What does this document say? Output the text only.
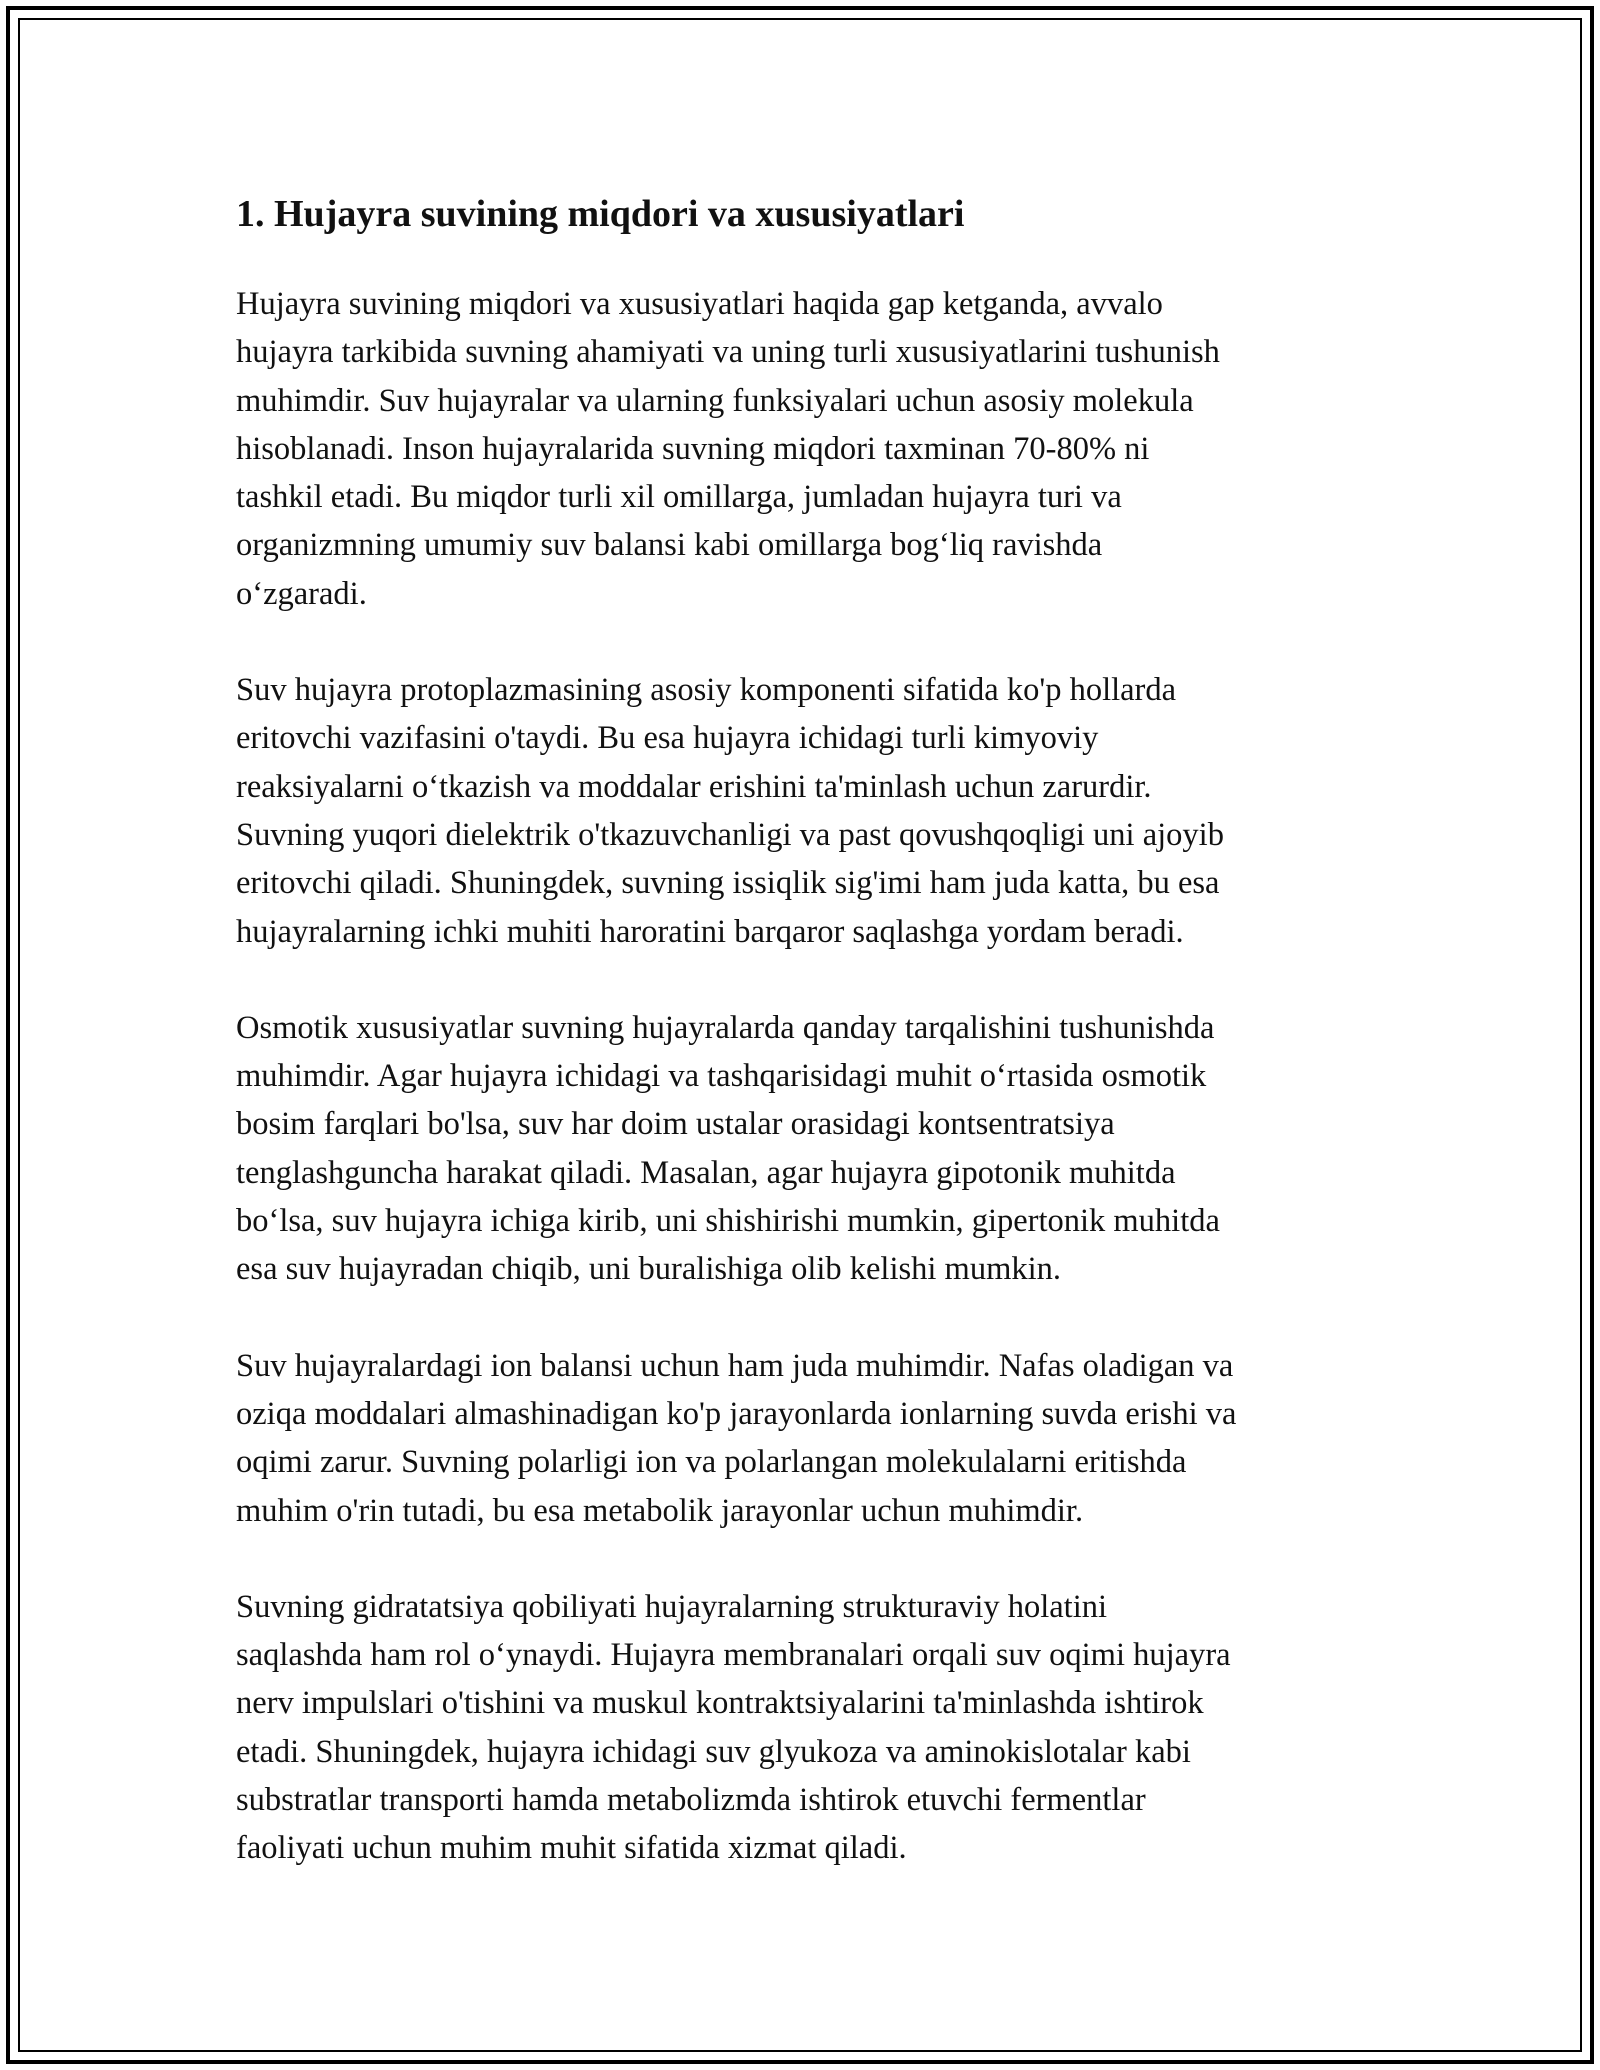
1. Hujayra suvining miqdori va xususiyatlari

Hujayra suvining miqdori va xususiyatlari haqida gap ketganda, avvalo
hujayra tarkibida suvning ahamiyati va uning turli xususiyatlarini tushunish
muhimdir. Suv hujayralar va ularning funksiyalari uchun asosiy molekula
hisoblanadi. Inson hujayralarida suvning miqdori taxminan 70-80% ni
tashkil etadi. Bu miqdor turli xil omillarga, jumladan hujayra turi va
organizmning umumiy suv balansi kabi omillarga bog‘liq ravishda
o‘zgaradi.

Suv hujayra protoplazmasining asosiy komponenti sifatida ko'p hollarda
eritovchi vazifasini o'taydi. Bu esa hujayra ichidagi turli kimyoviy
reaksiyalarni o‘tkazish va moddalar erishini ta'minlash uchun zarurdir.
Suvning yuqori dielektrik o'tkazuvchanligi va past qovushqoqligi uni ajoyib
eritovchi qiladi. Shuningdek, suvning issiqlik sig'imi ham juda katta, bu esa
hujayralarning ichki muhiti haroratini barqaror saqlashga yordam beradi.

Osmotik xususiyatlar suvning hujayralarda qanday tarqalishini tushunishda
muhimdir. Agar hujayra ichidagi va tashqarisidagi muhit o‘rtasida osmotik
bosim farqlari bo'lsa, suv har doim ustalar orasidagi kontsentratsiya
tenglashguncha harakat qiladi. Masalan, agar hujayra gipotonik muhitda
bo‘lsa, suv hujayra ichiga kirib, uni shishirishi mumkin, gipertonik muhitda
esa suv hujayradan chiqib, uni buralishiga olib kelishi mumkin.

Suv hujayralardagi ion balansi uchun ham juda muhimdir. Nafas oladigan va
oziqa moddalari almashinadigan ko'p jarayonlarda ionlarning suvda erishi va
oqimi zarur. Suvning polarligi ion va polarlangan molekulalarni eritishda
muhim o'rin tutadi, bu esa metabolik jarayonlar uchun muhimdir.

Suvning gidratatsiya qobiliyati hujayralarning strukturaviy holatini
saqlashda ham rol o‘ynaydi. Hujayra membranalari orqali suv oqimi hujayra
nerv impulslari o'tishini va muskul kontraktsiyalarini ta'minlashda ishtirok
etadi. Shuningdek, hujayra ichidagi suv glyukoza va aminokislotalar kabi
substratlar transporti hamda metabolizmda ishtirok etuvchi fermentlar
faoliyati uchun muhim muhit sifatida xizmat qiladi.
